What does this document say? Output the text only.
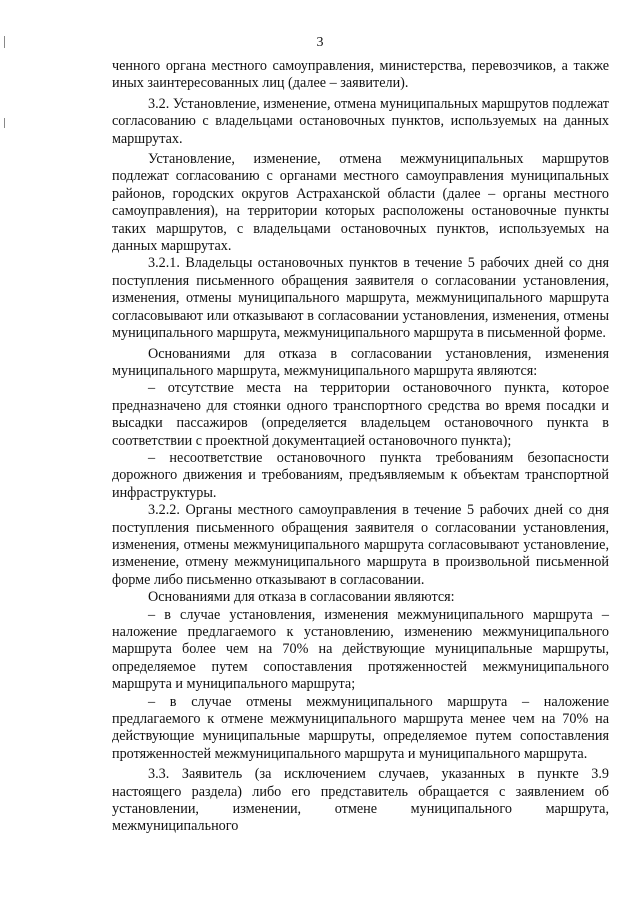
3

ченного органа местного самоуправления, министерства, перевозчиков, а также иных заинтересованных лиц (далее – заявители).

3.2. Установление, изменение, отмена муниципальных маршрутов подлежат согласованию с владельцами остановочных пунктов, используемых на данных маршрутах.

Установление, изменение, отмена межмуниципальных маршрутов подлежат согласованию с органами местного самоуправления муниципальных районов, городских округов Астраханской области (далее – органы местного самоуправления), на территории которых расположены остановочные пункты таких маршрутов, с владельцами остановочных пунктов, используемых на данных маршрутах.

3.2.1. Владельцы остановочных пунктов в течение 5 рабочих дней со дня поступления письменного обращения заявителя о согласовании установления, изменения, отмены муниципального маршрута, межмуниципального маршрута согласовывают или отказывают в согласовании установления, изменения, отмены муниципального маршрута, межмуниципального маршрута в письменной форме.

Основаниями для отказа в согласовании установления, изменения муниципального маршрута, межмуниципального маршрута являются:

– отсутствие места на территории остановочного пункта, которое предназначено для стоянки одного транспортного средства во время посадки и высадки пассажиров (определяется владельцем остановочного пункта в соответствии с проектной документацией остановочного пункта);

– несоответствие остановочного пункта требованиям безопасности дорожного движения и требованиям, предъявляемым к объектам транспортной инфраструктуры.

3.2.2. Органы местного самоуправления в течение 5 рабочих дней со дня поступления письменного обращения заявителя о согласовании установления, изменения, отмены межмуниципального маршрута согласовывают установление, изменение, отмену межмуниципального маршрута в произвольной письменной форме либо письменно отказывают в согласовании.

Основаниями для отказа в согласовании являются:

– в случае установления, изменения межмуниципального маршрута – наложение предлагаемого к установлению, изменению межмуниципального маршрута более чем на 70% на действующие муниципальные маршруты, определяемое путем сопоставления протяженностей межмуниципального маршрута и муниципального маршрута;

– в случае отмены межмуниципального маршрута – наложение предлагаемого к отмене межмуниципального маршрута менее чем на 70% на действующие муниципальные маршруты, определяемое путем сопоставления протяженностей межмуниципального маршрута и муниципального маршрута.

3.3. Заявитель (за исключением случаев, указанных в пункте 3.9 настоящего раздела) либо его представитель обращается с заявлением об установлении, изменении, отмене муниципального маршрута, межмуниципального
